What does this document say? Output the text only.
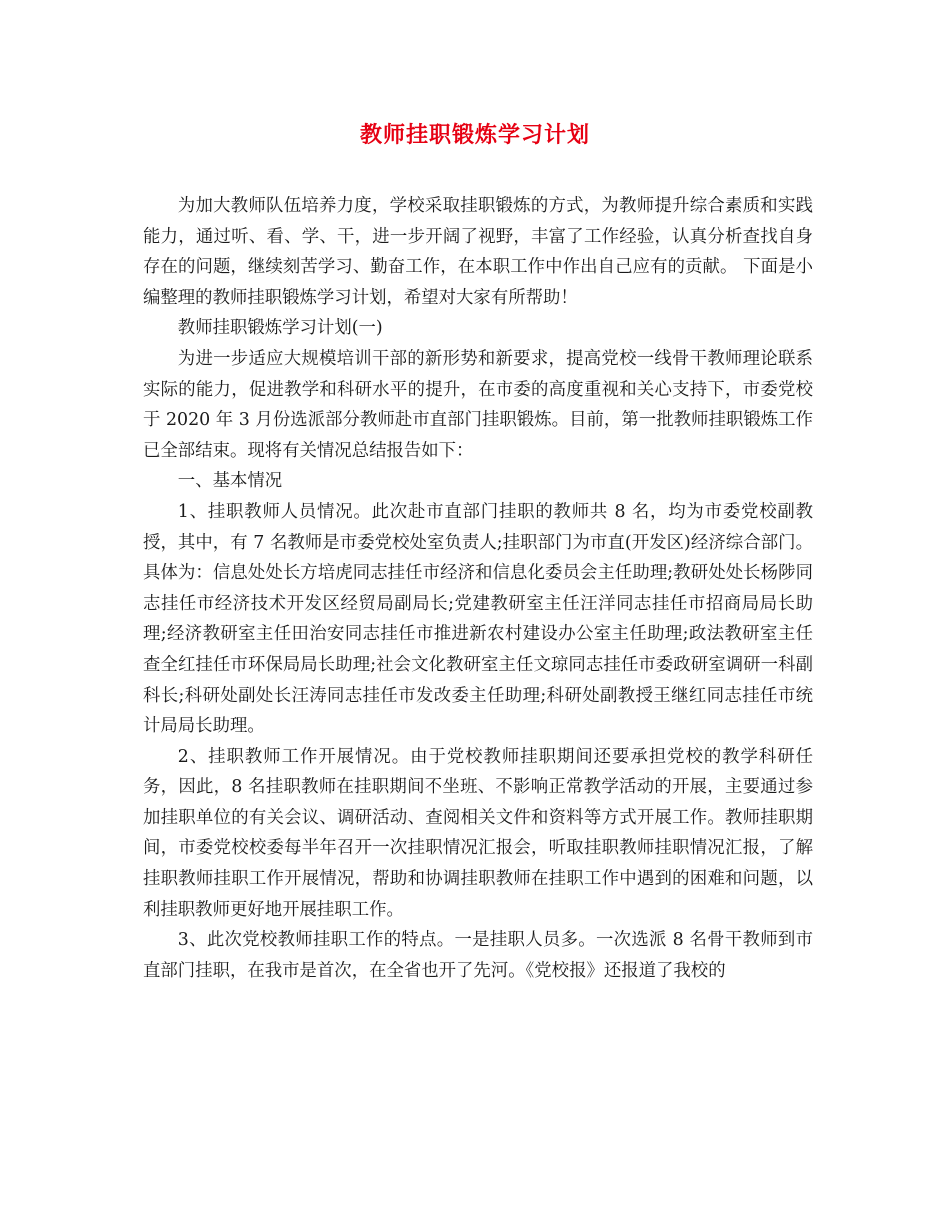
教师挂职锻炼学习计划

为加大教师队伍培养力度，学校采取挂职锻炼的方式，为教师提升综合素质和实践能力，通过听、看、学、干，进一步开阔了视野，丰富了工作经验，认真分析查找自身存在的问题，继续刻苦学习、勤奋工作，在本职工作中作出自己应有的贡献。 下面是小编整理的教师挂职锻炼学习计划，希望对大家有所帮助！

教师挂职锻炼学习计划(一)

为进一步适应大规模培训干部的新形势和新要求，提高党校一线骨干教师理论联系实际的能力，促进教学和科研水平的提升，在市委的高度重视和关心支持下，市委党校于 2020 年 3 月份选派部分教师赴市直部门挂职锻炼。目前，第一批教师挂职锻炼工作已全部结束。现将有关情况总结报告如下：

一、基本情况

1、挂职教师人员情况。此次赴市直部门挂职的教师共 8 名，均为市委党校副教授，其中，有 7 名教师是市委党校处室负责人;挂职部门为市直(开发区)经济综合部门。具体为：信息处处长方培虎同志挂任市经济和信息化委员会主任助理;教研处处长杨陟同志挂任市经济技术开发区经贸局副局长;党建教研室主任汪洋同志挂任市招商局局长助理;经济教研室主任田治安同志挂任市推进新农村建设办公室主任助理;政法教研室主任查全红挂任市环保局局长助理;社会文化教研室主任文琼同志挂任市委政研室调研一科副科长;科研处副处长汪涛同志挂任市发改委主任助理;科研处副教授王继红同志挂任市统计局局长助理。

2、挂职教师工作开展情况。由于党校教师挂职期间还要承担党校的教学科研任务，因此，8 名挂职教师在挂职期间不坐班、不影响正常教学活动的开展，主要通过参加挂职单位的有关会议、调研活动、查阅相关文件和资料等方式开展工作。教师挂职期间，市委党校校委每半年召开一次挂职情况汇报会，听取挂职教师挂职情况汇报，了解挂职教师挂职工作开展情况，帮助和协调挂职教师在挂职工作中遇到的困难和问题，以利挂职教师更好地开展挂职工作。

3、此次党校教师挂职工作的特点。一是挂职人员多。一次选派 8 名骨干教师到市直部门挂职，在我市是首次，在全省也开了先河。《党校报》还报道了我校的
